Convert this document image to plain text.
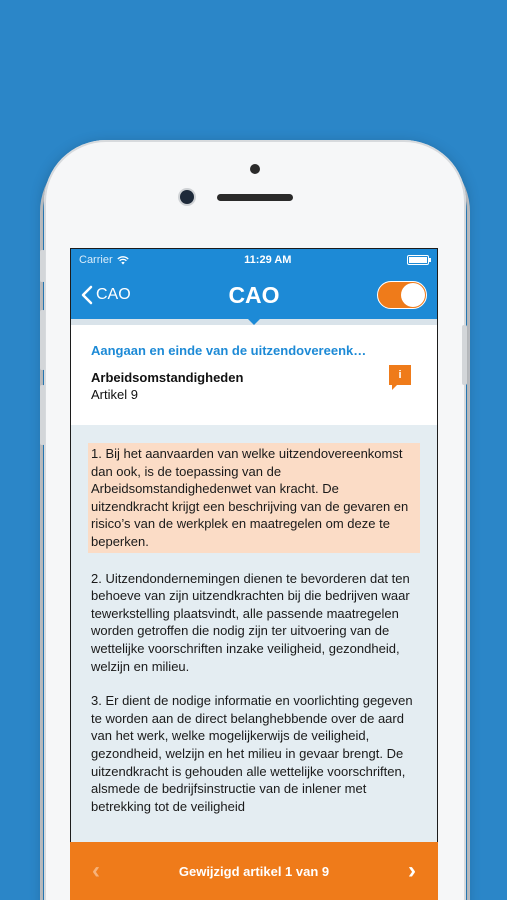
Carrier	11:29 AM
CAO	CAO
Aangaan en einde van de uitzendovereenk…
Arbeidsomstandigheden
Artikel 9
i

1. Bij het aanvaarden van welke uitzendovereenkomst dan ook, is de toepassing van de Arbeidsomstandighedenwet van kracht. De uitzendkracht krijgt een beschrijving van de gevaren en risico’s van de werkplek en maatregelen om deze te beperken.

2. Uitzendondernemingen dienen te bevorderen dat ten behoeve van zijn uitzendkrachten bij die bedrijven waar tewerkstelling plaatsvindt, alle passende maatregelen worden getroffen die nodig zijn ter uitvoering van de wettelijke voorschriften inzake veiligheid, gezondheid, welzijn en milieu.

3. Er dient de nodige informatie en voorlichting gegeven te worden aan de direct belanghebbende over de aard van het werk, welke mogelijkerwijs de veiligheid, gezondheid, welzijn en het milieu in gevaar brengt. De uitzendkracht is gehouden alle wettelijke voorschriften, alsmede de bedrijfsinstructie van de inlener met betrekking tot de veiligheid

‹	Gewijzigd artikel 1 van 9	›
